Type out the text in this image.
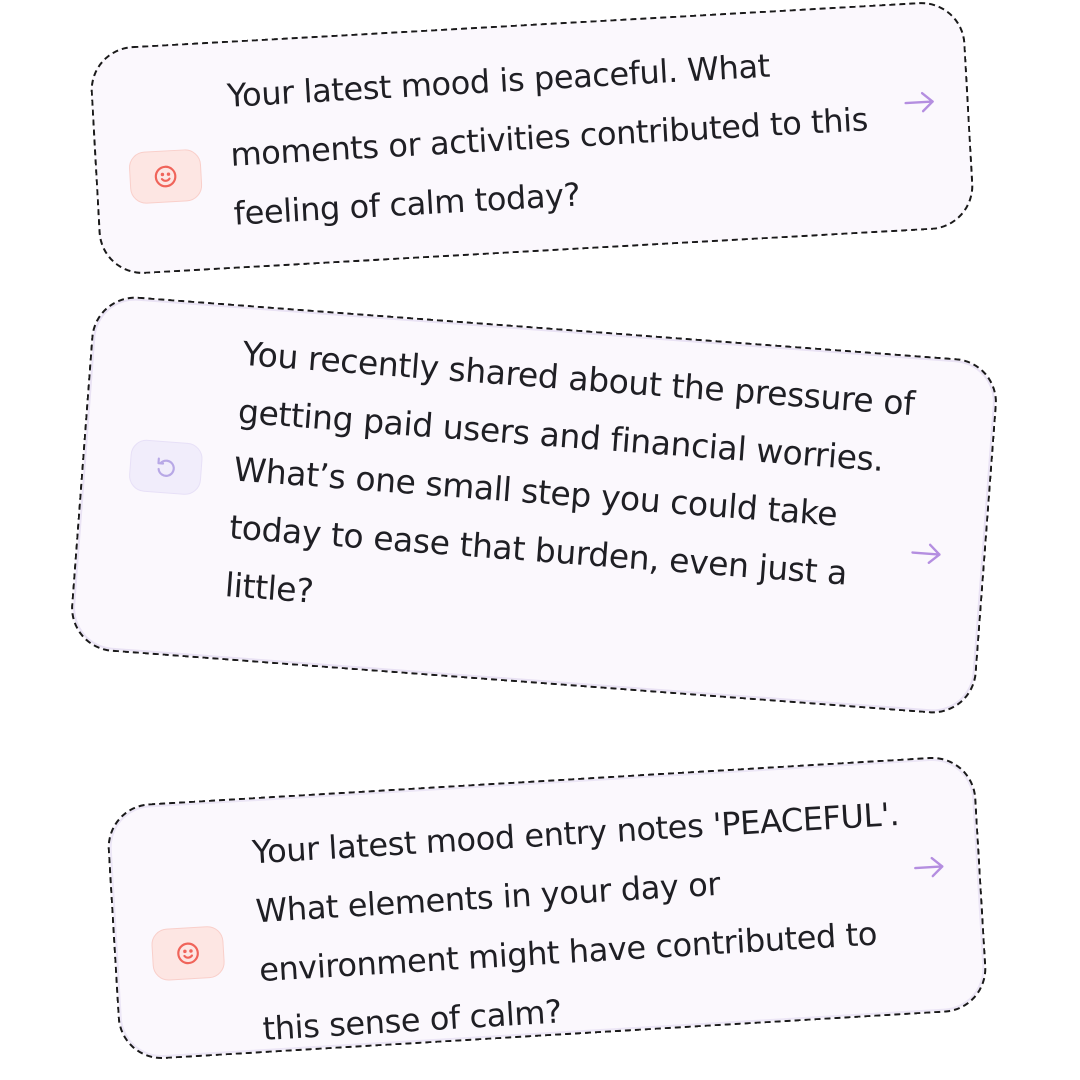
Your latest mood is peaceful. What moments or activities contributed to this feeling of calm today?
You recently shared about the pressure of getting paid users and financial worries. What’s one small step you could take today to ease that burden, even just a little?
Your latest mood entry notes 'PEACEFUL'. What elements in your day or environment might have contributed to this sense of calm?
